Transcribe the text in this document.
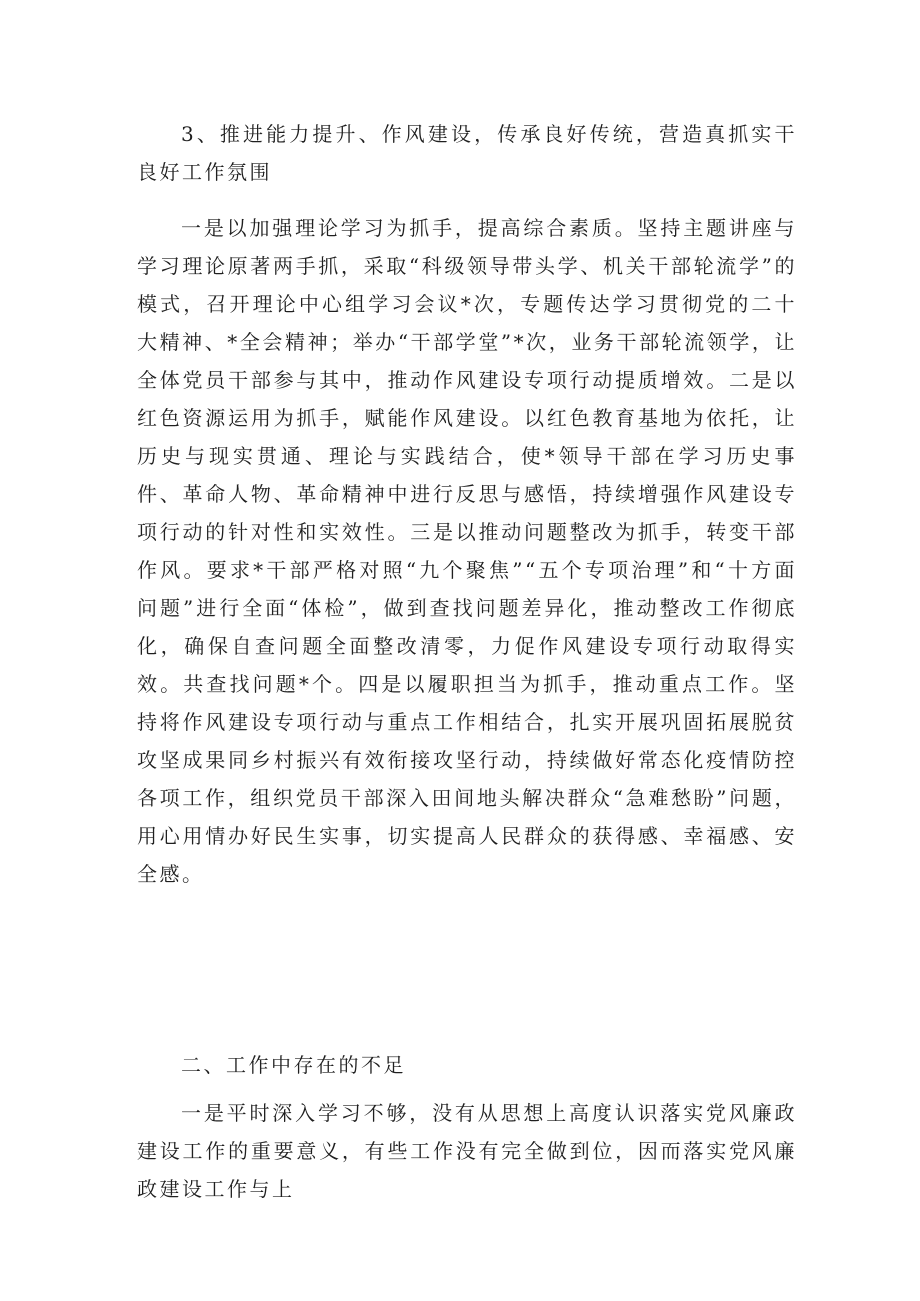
3、推进能力提升、作风建设，传承良好传统，营造真抓实干良好工作氛围

一是以加强理论学习为抓手，提高综合素质。坚持主题讲座与学习理论原著两手抓，采取“科级领导带头学、机关干部轮流学”的模式，召开理论中心组学习会议*次，专题传达学习贯彻党的二十大精神、*全会精神；举办“干部学堂”*次，业务干部轮流领学，让全体党员干部参与其中，推动作风建设专项行动提质增效。二是以红色资源运用为抓手，赋能作风建设。以红色教育基地为依托，让历史与现实贯通、理论与实践结合，使*领导干部在学习历史事件、革命人物、革命精神中进行反思与感悟，持续增强作风建设专项行动的针对性和实效性。三是以推动问题整改为抓手，转变干部作风。要求*干部严格对照“九个聚焦”“五个专项治理”和“十方面问题”进行全面“体检”，做到查找问题差异化，推动整改工作彻底化，确保自查问题全面整改清零，力促作风建设专项行动取得实效。共查找问题*个。四是以履职担当为抓手，推动重点工作。坚持将作风建设专项行动与重点工作相结合，扎实开展巩固拓展脱贫攻坚成果同乡村振兴有效衔接攻坚行动，持续做好常态化疫情防控各项工作，组织党员干部深入田间地头解决群众“急难愁盼”问题，用心用情办好民生实事，切实提高人民群众的获得感、幸福感、安全感。

二、工作中存在的不足

一是平时深入学习不够，没有从思想上高度认识落实党风廉政建设工作的重要意义，有些工作没有完全做到位，因而落实党风廉政建设工作与上
